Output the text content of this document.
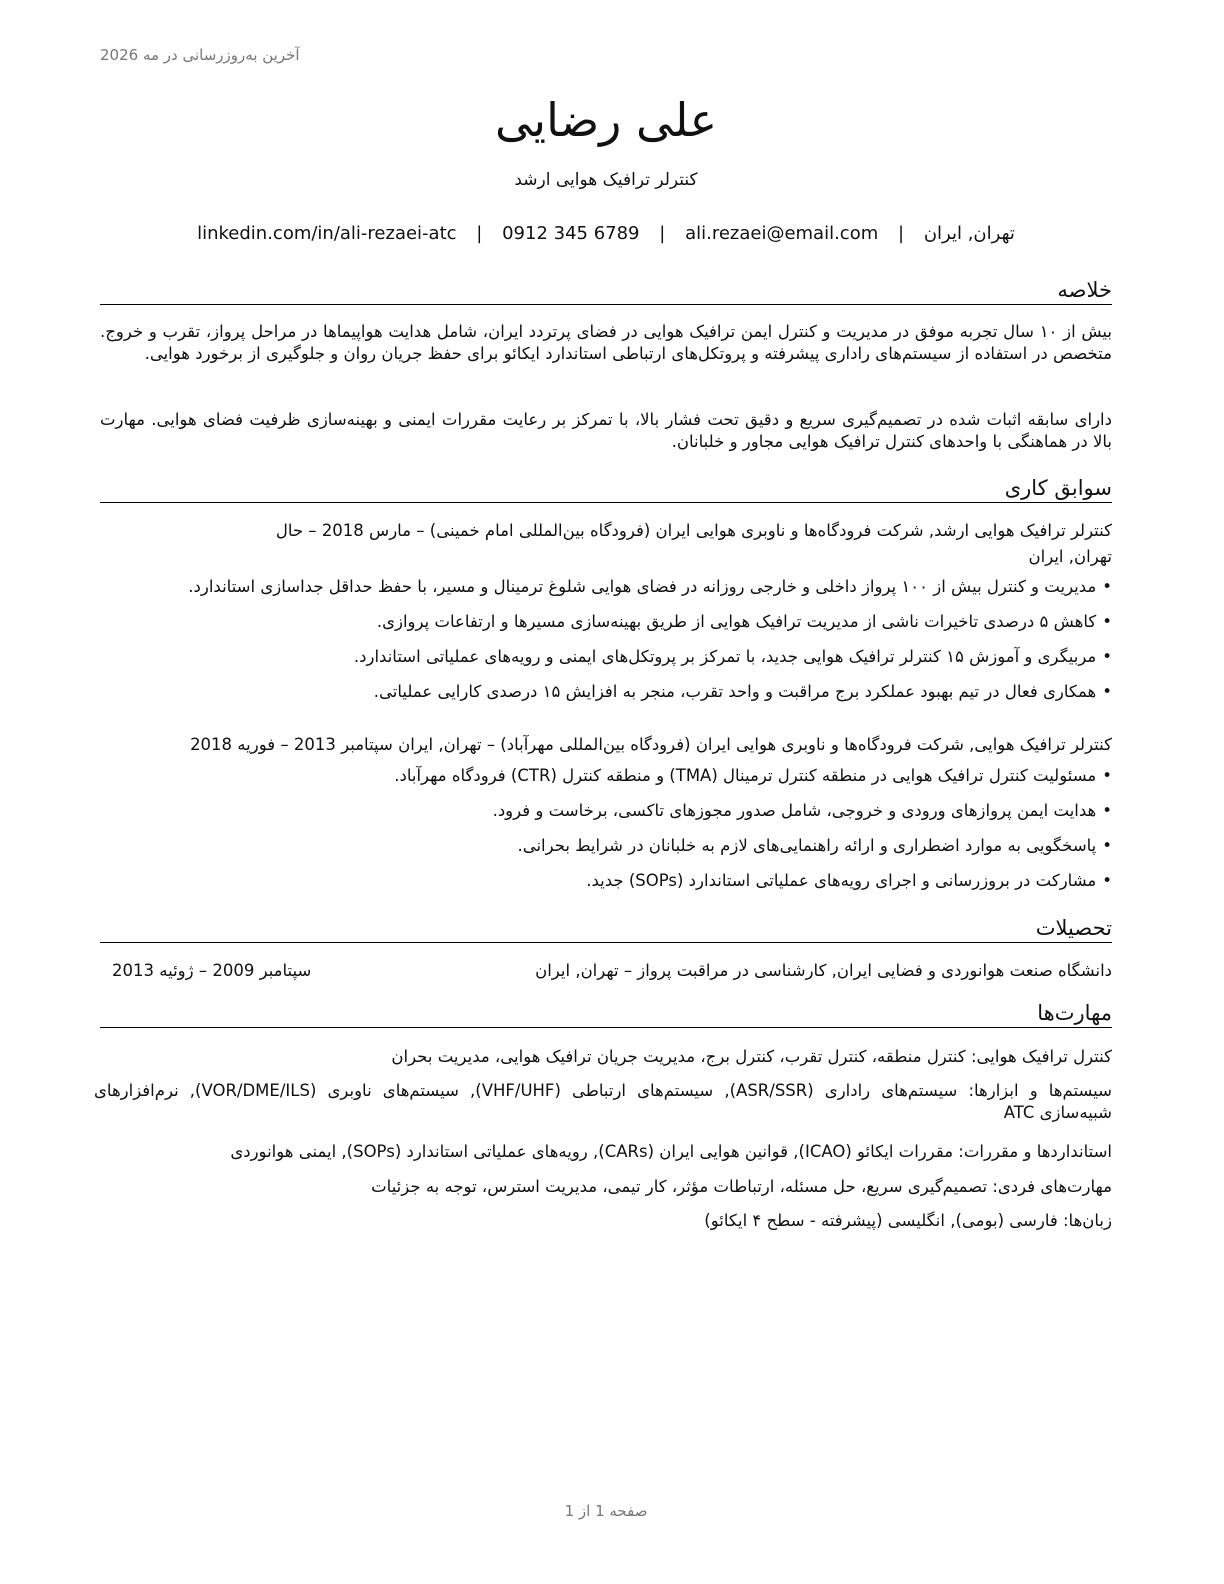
آخرین به‌روزرسانی در مه 2026
علی رضایی
کنترلر ترافیک هوایی ارشد
تهران, ایران | ali.rezaei@email.com | 0912 345 6789 | linkedin.com/in/ali-rezaei-atc
خلاصه

بیش از ۱۰ سال تجربه موفق در مدیریت و کنترل ایمن ترافیک هوایی در فضای پرتردد ایران، شامل هدایت هواپیماها در مراحل پرواز، تقرب و خروج. متخصص در استفاده از سیستم‌های راداری پیشرفته و پروتکل‌های ارتباطی استاندارد ایکائو برای حفظ جریان روان و جلوگیری از برخورد هوایی.

دارای سابقه اثبات شده در تصمیم‌گیری سریع و دقیق تحت فشار بالا، با تمرکز بر رعایت مقررات ایمنی و بهینه‌سازی ظرفیت فضای هوایی. مهارت بالا در هماهنگی با واحدهای کنترل ترافیک هوایی مجاور و خلبانان.

سوابق کاری
کنترلر ترافیک هوایی ارشد, شرکت فرودگاه‌ها و ناوبری هوایی ایران (فرودگاه بین‌المللی امام خمینی) – مارس 2018 – حال
تهران, ایران
•مدیریت و کنترل بیش از ۱۰۰ پرواز داخلی و خارجی روزانه در فضای هوایی شلوغ ترمینال و مسیر، با حفظ حداقل جداسازی استاندارد.
•کاهش ۵ درصدی تاخیرات ناشی از مدیریت ترافیک هوایی از طریق بهینه‌سازی مسیرها و ارتفاعات پروازی.
•مربیگری و آموزش ۱۵ کنترلر ترافیک هوایی جدید، با تمرکز بر پروتکل‌های ایمنی و رویه‌های عملیاتی استاندارد.
•همکاری فعال در تیم بهبود عملکرد برج مراقبت و واحد تقرب، منجر به افزایش ۱۵ درصدی کارایی عملیاتی.
کنترلر ترافیک هوایی, شرکت فرودگاه‌ها و ناوبری هوایی ایران (فرودگاه بین‌المللی مهرآباد) – تهران, ایران سپتامبر 2013 – فوریه 2018
•مسئولیت کنترل ترافیک هوایی در منطقه کنترل ترمینال (TMA) و منطقه کنترل (CTR) فرودگاه مهرآباد.
•هدایت ایمن پروازهای ورودی و خروجی، شامل صدور مجوزهای تاکسی، برخاست و فرود.
•پاسخگویی به موارد اضطراری و ارائه راهنمایی‌های لازم به خلبانان در شرایط بحرانی.
•مشارکت در بروزرسانی و اجرای رویه‌های عملیاتی استاندارد (SOPs) جدید.
تحصیلات
دانشگاه صنعت هوانوردی و فضایی ایران, کارشناسی در مراقبت پرواز – تهران, ایران
سپتامبر 2009 – ژوئیه 2013
مهارت‌ها
کنترل ترافیک هوایی: کنترل منطقه، کنترل تقرب، کنترل برج، مدیریت جریان ترافیک هوایی، مدیریت بحران

سیستم‌ها و ابزارها: سیستم‌های راداری (ASR/SSR), سیستم‌های ارتباطی (VHF/UHF), سیستم‌های ناوبری (VOR/DME/ILS), نرم‌افزارهای شبیه‌سازی ATC

استانداردها و مقررات: مقررات ایکائو (ICAO), قوانین هوایی ایران (CARs), رویه‌های عملیاتی استاندارد (SOPs), ایمنی هوانوردی
مهارت‌های فردی: تصمیم‌گیری سریع، حل مسئله، ارتباطات مؤثر، کار تیمی، مدیریت استرس، توجه به جزئیات
زبان‌ها: فارسی (بومی), انگلیسی (پیشرفته - سطح ۴ ایکائو)
صفحه 1 از 1
